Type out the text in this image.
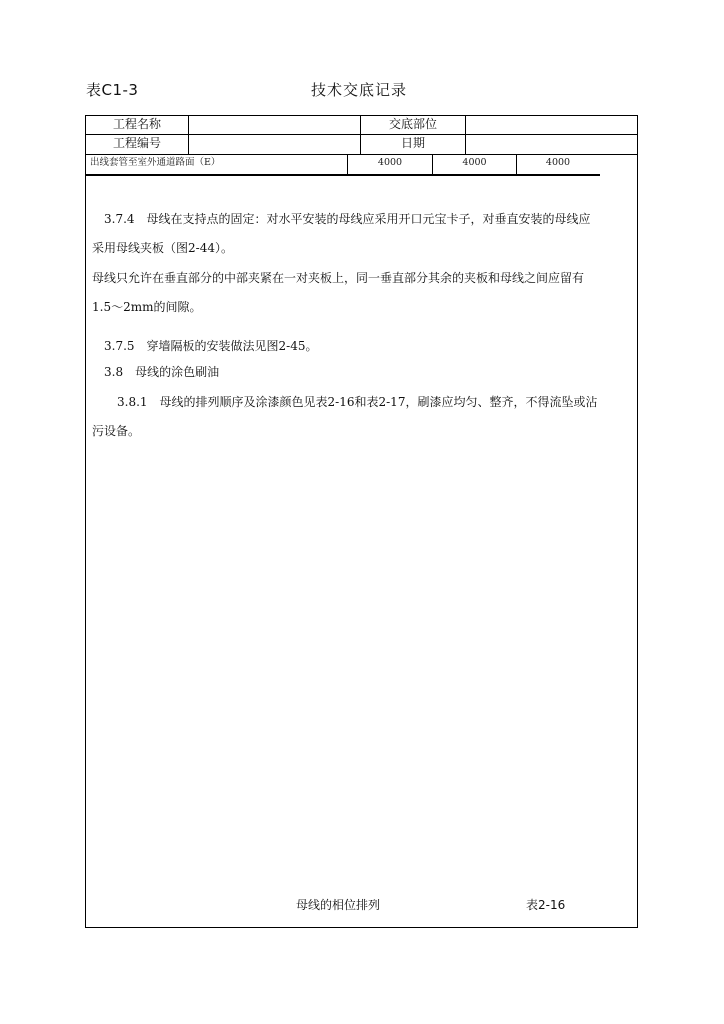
表C1-3	技术交底记录
工程名称	交底部位
工程编号	日期
出线套管至室外通道路面（E）	4000	4000	4000

3.7.4　母线在支持点的固定：对水平安装的母线应采用开口元宝卡子，对垂直安装的母线应

采用母线夹板（图2-44）。

母线只允许在垂直部分的中部夹紧在一对夹板上，同一垂直部分其余的夹板和母线之间应留有

1.5～2mm的间隙。

3.7.5　穿墙隔板的安装做法见图2-45。

3.8　母线的涂色刷油

3.8.1　母线的排列顺序及涂漆颜色见表2-16和表2-17，刷漆应均匀、整齐，不得流坠或沾

污设备。

母线的相位排列	表2-16
